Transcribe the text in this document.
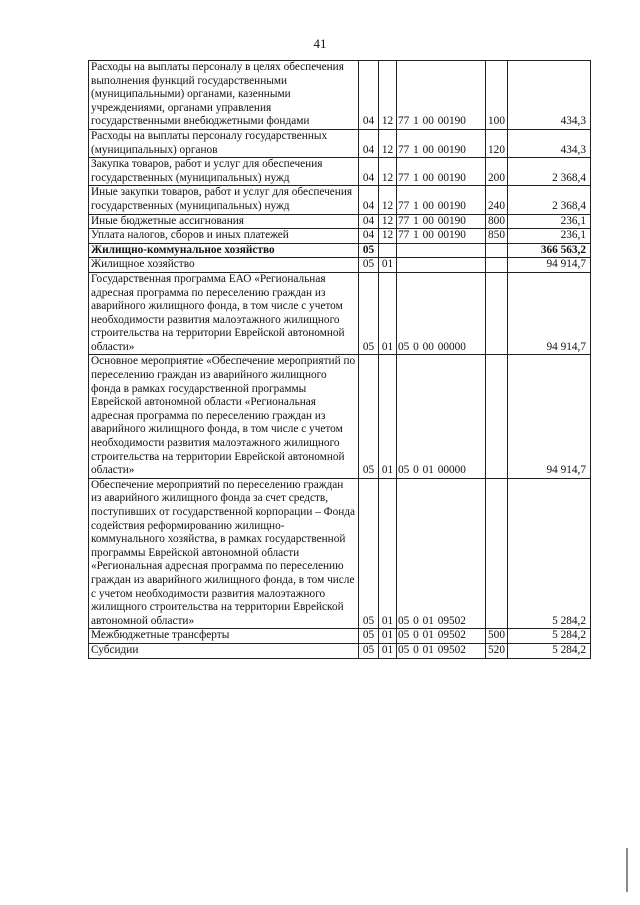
41
Расходы на выплаты персоналу в целях обеспечения выполнения функций государственными (муниципальными) органами, казенными учреждениями, органами управления государственными внебюджетными фондами	04	12	77 1 00 00190	100	434,3
Расходы на выплаты персоналу государственных (муниципальных) органов	04	12	77 1 00 00190	120	434,3
Закупка товаров, работ и услуг для обеспечения государственных (муниципальных) нужд	04	12	77 1 00 00190	200	2 368,4
Иные закупки товаров, работ и услуг для обеспечения государственных (муниципальных) нужд	04	12	77 1 00 00190	240	2 368,4
Иные бюджетные ассигнования	04	12	77 1 00 00190	800	236,1
Уплата налогов, сборов и иных платежей	04	12	77 1 00 00190	850	236,1
Жилищно-коммунальное хозяйство	05				366 563,2
Жилищное хозяйство	05	01			94 914,7
Государственная программа ЕАО «Региональная адресная программа по переселению граждан из аварийного жилищного фонда, в том числе с учетом необходимости развития малоэтажного жилищного строительства на территории Еврейской автономной области»	05	01	05 0 00 00000		94 914,7
Основное мероприятие «Обеспечение мероприятий по переселению граждан из аварийного жилищного фонда в рамках государственной программы Еврейской автономной области «Региональная адресная программа по переселению граждан из аварийного жилищного фонда, в том числе с учетом необходимости развития малоэтажного жилищного строительства на территории Еврейской автономной области»	05	01	05 0 01 00000		94 914,7
Обеспечение мероприятий по переселению граждан из аварийного жилищного фонда за счет средств, поступивших от государственной корпорации – Фонда содействия реформированию жилищно-коммунального хозяйства, в рамках государственной программы Еврейской автономной области «Региональная адресная программа по переселению граждан из аварийного жилищного фонда, в том числе с учетом необходимости развития малоэтажного жилищного строительства на территории Еврейской автономной области»	05	01	05 0 01 09502		5 284,2
Межбюджетные трансферты	05	01	05 0 01 09502	500	5 284,2
Субсидии	05	01	05 0 01 09502	520	5 284,2
